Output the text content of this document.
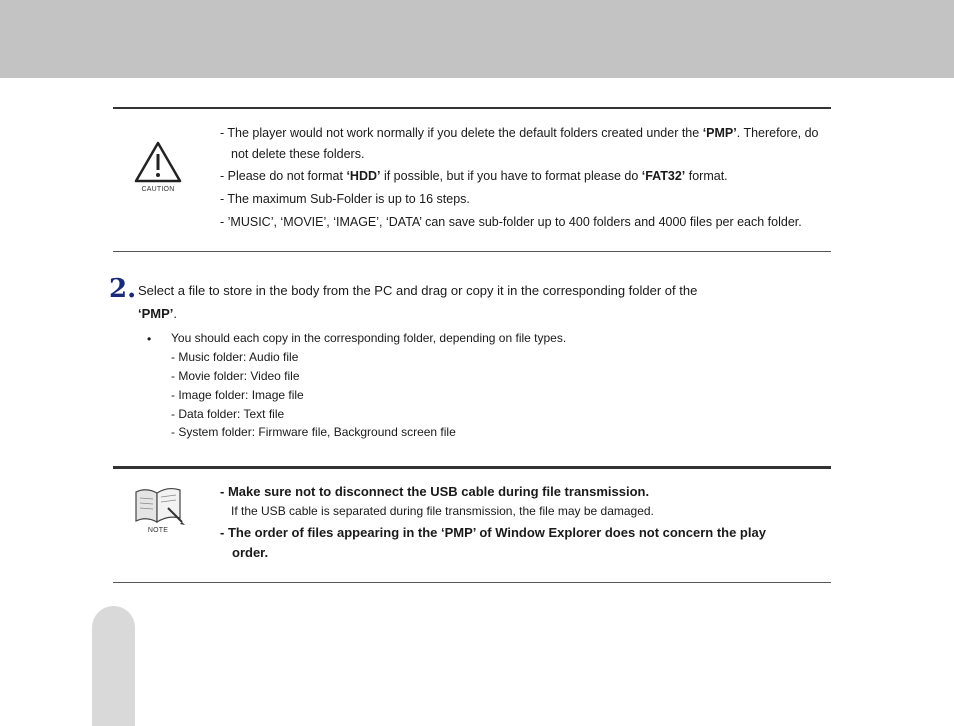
CAUTION
- The player would not work normally if you delete the default folders created under the ‘PMP’. Therefore, do
not delete these folders.
- Please do not format ‘HDD’ if possible, but if you have to format please do ‘FAT32’ format.
- The maximum Sub-Folder is up to 16 steps.
- ’MUSIC’, ‘MOVIE’, ‘IMAGE’, ‘DATA’ can save sub-folder up to 400 folders and 4000 files per each folder.
2. Select a file to store in the body from the PC and drag or copy it in the corresponding folder of the
‘PMP’.
• You should each copy in the corresponding folder, depending on file types.
- Music folder: Audio file
- Movie folder: Video file
- Image folder: Image file
- Data folder: Text file
- System folder: Firmware file, Background screen file
NOTE
- Make sure not to disconnect the USB cable during file transmission.
If the USB cable is separated during file transmission, the file may be damaged.
- The order of files appearing in the ‘PMP’ of Window Explorer does not concern the play
order.
